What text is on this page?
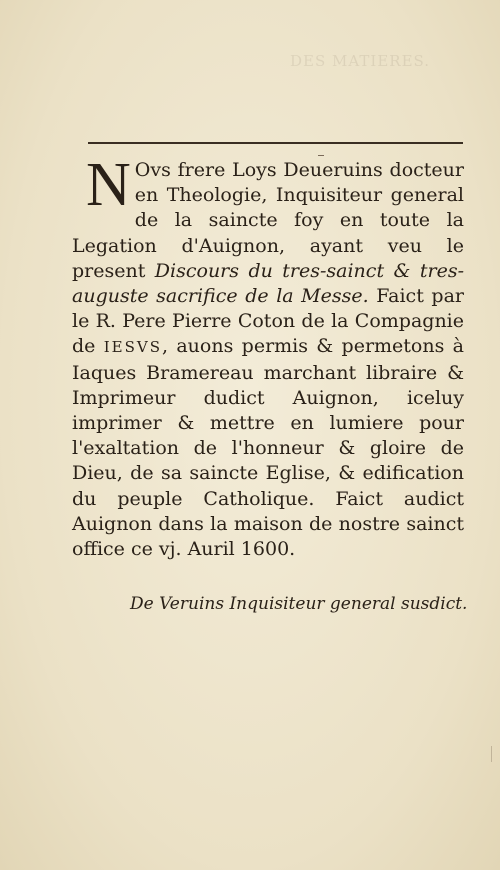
DES MATIERES.

N Ovs frere Loys Deueruins docteur en Theologie, Inquisiteur general de la saincte foy en toute la Legation d'Auignon, ayant veu le present Discours du tres-sainct & tres-auguste sacrifice de la Messe. Faict par le R. Pere Pierre Coton de la Compagnie de IESVS, auons permis & permetons à Iaques Bramereau marchant libraire & Imprimeur dudict Auignon, iceluy imprimer & mettre en lumiere pour l'exaltation de l'honneur & gloire de Dieu, de sa saincte Eglise, & edification du peuple Catholique. Faict audict Auignon dans la maison de nostre sainct office ce vj. Auril 1600.

De Veruins Inquisiteur general susdict.
